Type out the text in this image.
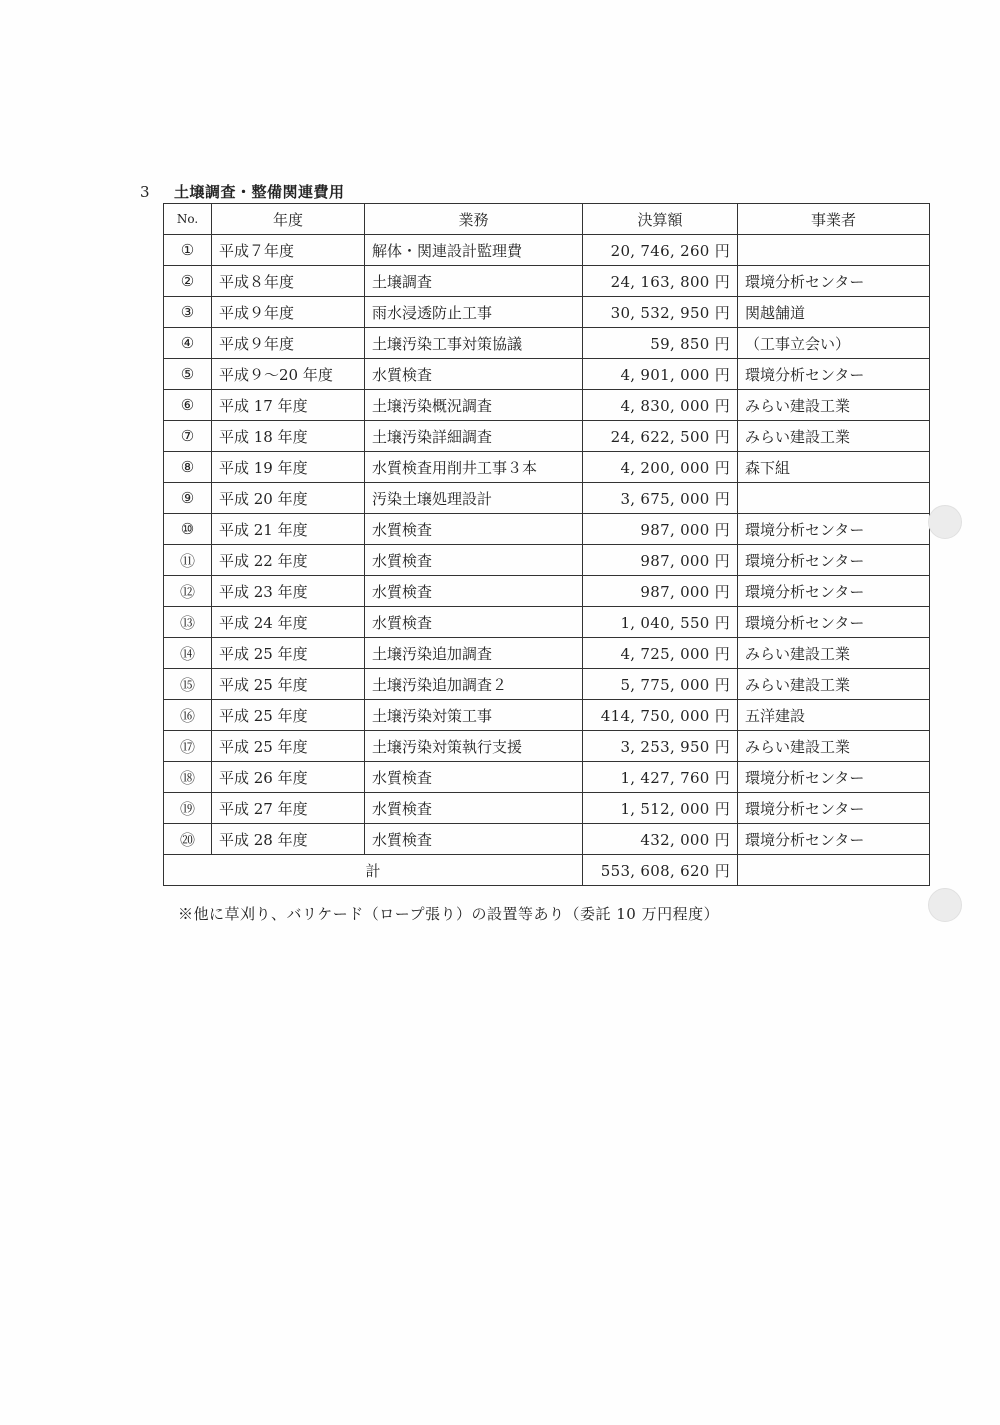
3 土壌調査・整備関連費用
No.	年度	業務	決算額	事業者
①	平成７年度	解体・関連設計監理費	20, 746, 260 円	
②	平成８年度	土壌調査	24, 163, 800 円	環境分析センター
③	平成９年度	雨水浸透防止工事	30, 532, 950 円	関越舗道
④	平成９年度	土壌汚染工事対策協議	59, 850 円	（工事立会い）
⑤	平成９～20 年度	水質検査	4, 901, 000 円	環境分析センター
⑥	平成 17 年度	土壌汚染概況調査	4, 830, 000 円	みらい建設工業
⑦	平成 18 年度	土壌汚染詳細調査	24, 622, 500 円	みらい建設工業
⑧	平成 19 年度	水質検査用削井工事３本	4, 200, 000 円	森下組
⑨	平成 20 年度	汚染土壌処理設計	3, 675, 000 円	
⑩	平成 21 年度	水質検査	987, 000 円	環境分析センター
⑪	平成 22 年度	水質検査	987, 000 円	環境分析センター
⑫	平成 23 年度	水質検査	987, 000 円	環境分析センター
⑬	平成 24 年度	水質検査	1, 040, 550 円	環境分析センター
⑭	平成 25 年度	土壌汚染追加調査	4, 725, 000 円	みらい建設工業
⑮	平成 25 年度	土壌汚染追加調査２	5, 775, 000 円	みらい建設工業
⑯	平成 25 年度	土壌汚染対策工事	414, 750, 000 円	五洋建設
⑰	平成 25 年度	土壌汚染対策執行支援	3, 253, 950 円	みらい建設工業
⑱	平成 26 年度	水質検査	1, 427, 760 円	環境分析センター
⑲	平成 27 年度	水質検査	1, 512, 000 円	環境分析センター
⑳	平成 28 年度	水質検査	432, 000 円	環境分析センター
計			553, 608, 620 円	
※他に草刈り、バリケード（ロープ張り）の設置等あり（委託 10 万円程度）
